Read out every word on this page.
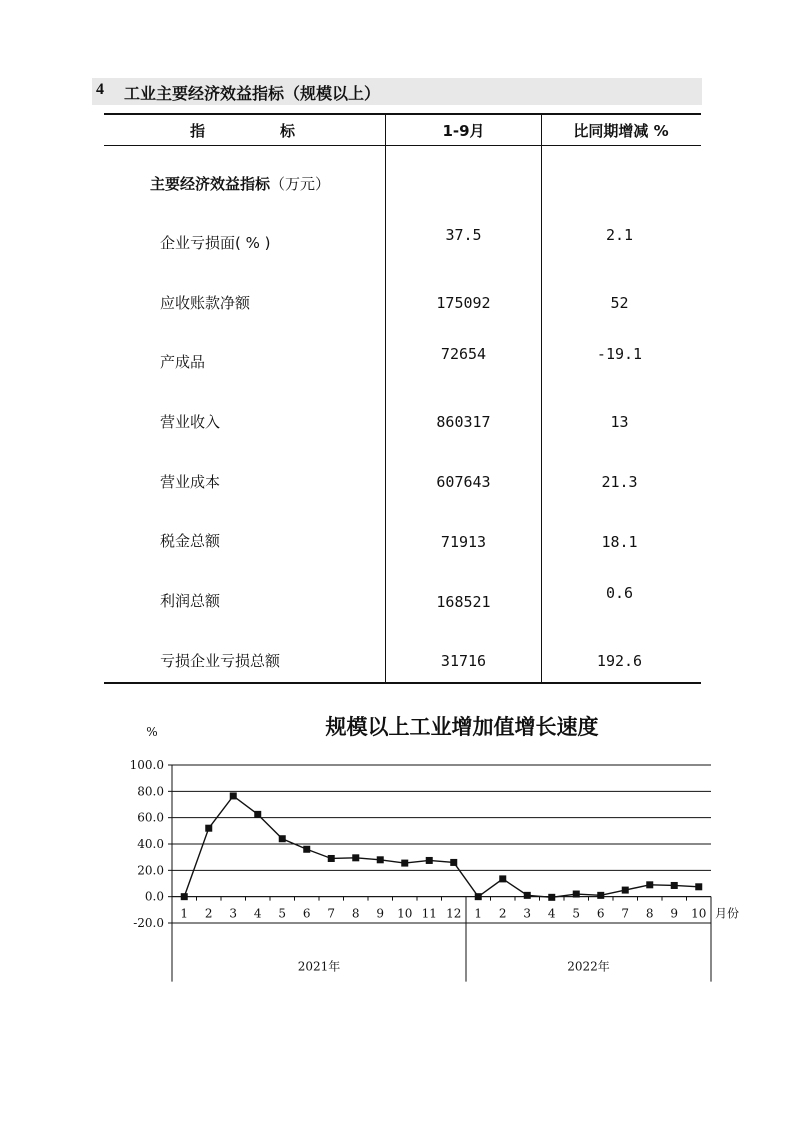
4 工业主要经济效益指标（规模以上）
指	标	1-9月	比同期增减 %
主要经济效益指标（万元）
企业亏损面( % )	37.5	2.1
应收账款净额	175092	52
产成品	72654	-19.1
营业收入	860317	13
营业成本	607643	21.3
税金总额	71913	18.1
利润总额	168521	0.6
亏损企业亏损总额	31716	192.6
规模以上工业增加值增长速度
%
100.0
80.0
60.0
40.0
20.0
0.0
-20.0
1 2 3 4 5 6 7 8 9 10 11 12 1 2 3 4 5 6 7 8 9 10 月份
2021年	2022年
